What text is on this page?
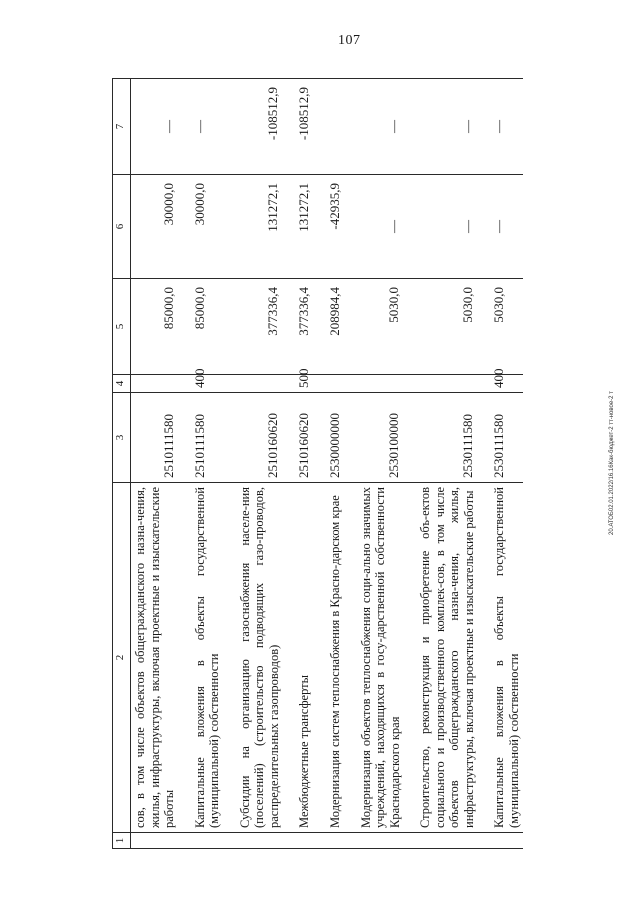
107
20.АТОБ02.01.2022/16.16Как-бюджет-2 тт-новое-2 т
1	2	3	4	5	6	7
	сов, в том числе объектов общегражданского назна-чения, жилья, инфраструктуры, включая проектные и изыскательские работы	2510111580		85000,0	30000,0	—

	Капитальные вложения в объекты государственной (муниципальной) собственности	2510111580	400	85000,0	30000,0	—

	Субсидии на организацию газоснабжения населе-ния (поселений) (строительство подводящих газо-проводов, распределительных газопроводов)	2510160620		377336,4	131272,1	-108512,9

	Межбюджетные трансферты	2510160620	500	377336,4	131272,1	-108512,9

	Модернизация систем теплоснабжения в Красно-дарском крае	2530000000		208984,4	-42935,9	

	Модернизация объектов теплоснабжения соци-ально значимых учреждений, находящихся в госу-дарственной собственности Краснодарского края	2530100000		5030,0	—	—

	Строительство, реконструкция и приобретение объ-ектов социального и производственного комплек-сов, в том числе объектов общегражданского назна-чения, жилья, инфраструктуры, включая проектные и изыскательские работы	2530111580		5030,0	—	—

	Капитальные вложения в объекты государственной (муниципальной) собственности	2530111580	400	5030,0	—	—
